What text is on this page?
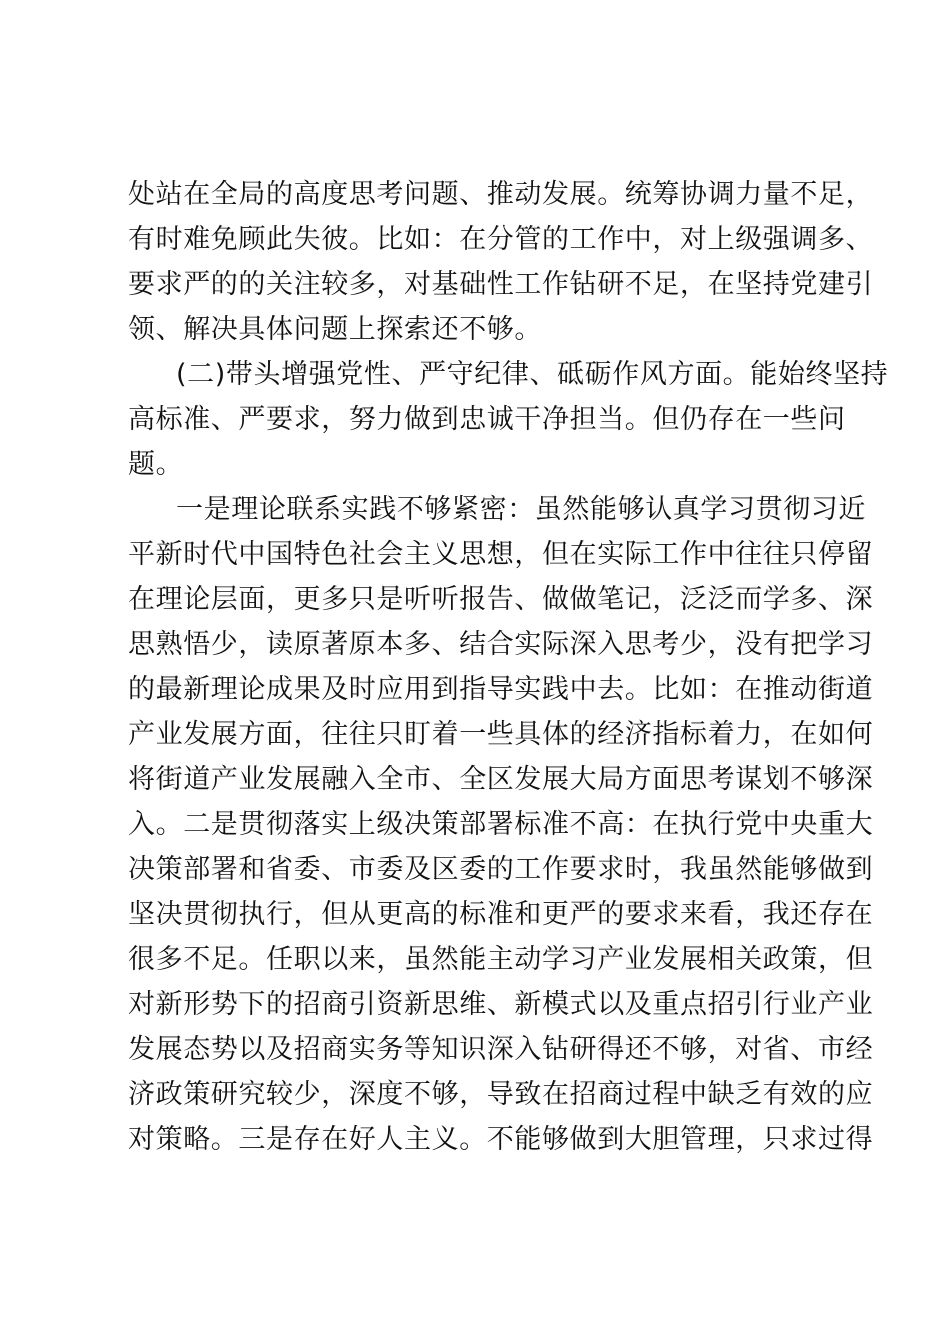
处站在全局的高度思考问题、推动发展。统筹协调力量不足，
有时难免顾此失彼。比如：在分管的工作中，对上级强调多、
要求严的的关注较多，对基础性工作钻研不足，在坚持党建引
领、解决具体问题上探索还不够。
(二)带头增强党性、严守纪律、砥砺作风方面。能始终坚持
高标准、严要求，努力做到忠诚干净担当。但仍存在一些问
题。
一是理论联系实践不够紧密：虽然能够认真学习贯彻习近
平新时代中国特色社会主义思想，但在实际工作中往往只停留
在理论层面，更多只是听听报告、做做笔记，泛泛而学多、深
思熟悟少，读原著原本多、结合实际深入思考少，没有把学习
的最新理论成果及时应用到指导实践中去。比如：在推动街道
产业发展方面，往往只盯着一些具体的经济指标着力，在如何
将街道产业发展融入全市、全区发展大局方面思考谋划不够深
入。二是贯彻落实上级决策部署标准不高：在执行党中央重大
决策部署和省委、市委及区委的工作要求时，我虽然能够做到
坚决贯彻执行，但从更高的标准和更严的要求来看，我还存在
很多不足。任职以来，虽然能主动学习产业发展相关政策，但
对新形势下的招商引资新思维、新模式以及重点招引行业产业
发展态势以及招商实务等知识深入钻研得还不够，对省、市经
济政策研究较少，深度不够，导致在招商过程中缺乏有效的应
对策略。三是存在好人主义。不能够做到大胆管理，只求过得
